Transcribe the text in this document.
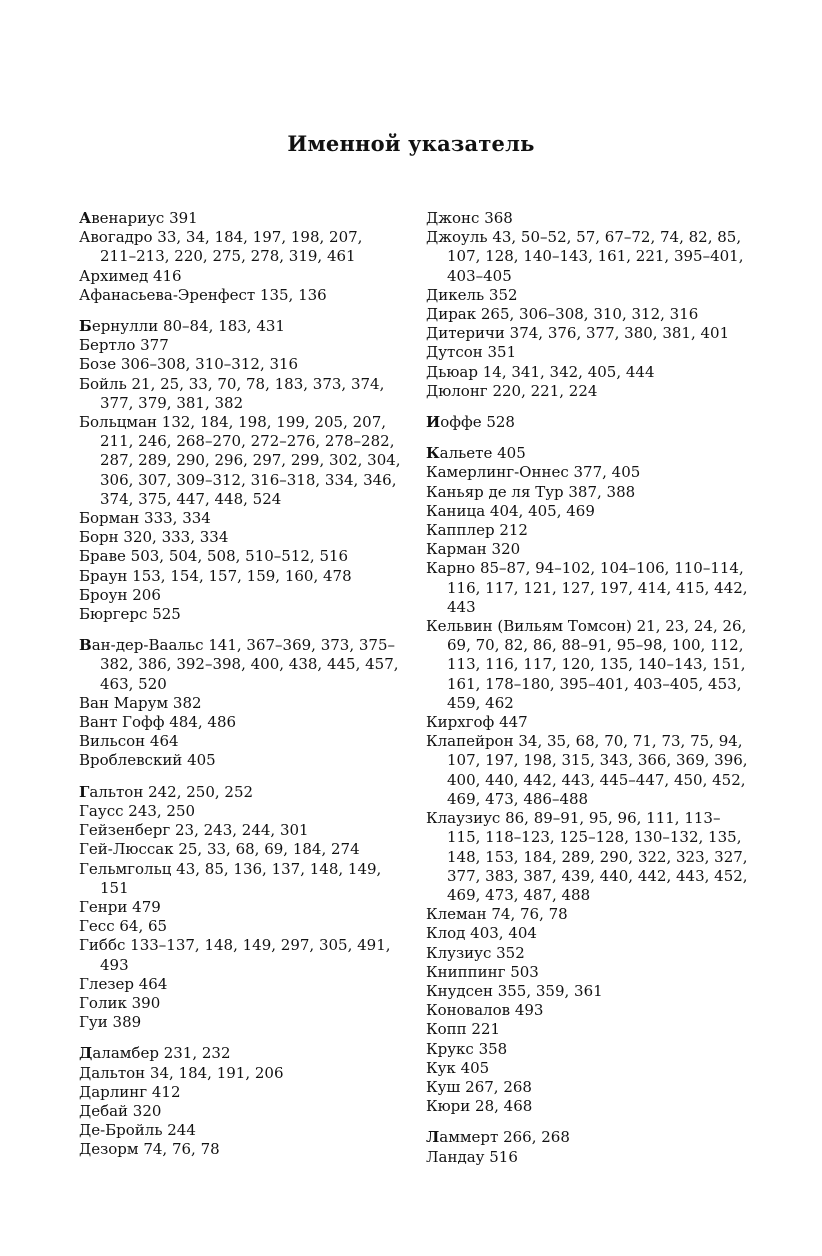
Именной указатель

Авенариус 391

Авогадро 33, 34, 184, 197, 198, 207, 211–213, 220, 275, 278, 319, 461

Архимед 416

Афанасьева-Эренфест 135, 136

Бернулли 80–84, 183, 431

Бертло 377

Бозе 306–308, 310–312, 316

Бойль 21, 25, 33, 70, 78, 183, 373, 374, 377, 379, 381, 382

Больцман 132, 184, 198, 199, 205, 207, 211, 246, 268–270, 272–276, 278–282, 287, 289, 290, 296, 297, 299, 302, 304, 306, 307, 309–312, 316–318, 334, 346, 374, 375, 447, 448, 524

Борман 333, 334

Борн 320, 333, 334

Браве 503, 504, 508, 510–512, 516

Браун 153, 154, 157, 159, 160, 478

Броун 206

Бюргерс 525

Ван-дер-Ваальс 141, 367–369, 373, 375–382, 386, 392–398, 400, 438, 445, 457, 463, 520

Ван Марум 382

Вант Гофф 484, 486

Вильсон 464

Вроблевский 405

Гальтон 242, 250, 252

Гаусс 243, 250

Гейзенберг 23, 243, 244, 301

Гей-Люссак 25, 33, 68, 69, 184, 274

Гельмгольц 43, 85, 136, 137, 148, 149, 151

Генри 479

Гесс 64, 65

Гиббс 133–137, 148, 149, 297, 305, 491, 493

Глезер 464

Голик 390

Гуи 389

Даламбер 231, 232

Дальтон 34, 184, 191, 206

Дарлинг 412

Дебай 320

Де-Бройль 244

Дезорм 74, 76, 78

Джонс 368

Джоуль 43, 50–52, 57, 67–72, 74, 82, 85, 107, 128, 140–143, 161, 221, 395–401, 403–405

Дикель 352

Дирак 265, 306–308, 310, 312, 316

Дитеричи 374, 376, 377, 380, 381, 401

Дутсон 351

Дьюар 14, 341, 342, 405, 444

Дюлонг 220, 221, 224

Иоффе 528

Кальете 405

Камерлинг-Оннес 377, 405

Каньяр де ля Тур 387, 388

Каница 404, 405, 469

Капплер 212

Карман 320

Карно 85–87, 94–102, 104–106, 110–114, 116, 117, 121, 127, 197, 414, 415, 442, 443

Кельвин (Вильям Томсон) 21, 23, 24, 26, 69, 70, 82, 86, 88–91, 95–98, 100, 112, 113, 116, 117, 120, 135, 140–143, 151, 161, 178–180, 395–401, 403–405, 453, 459, 462

Кирхгоф 447

Клапейрон 34, 35, 68, 70, 71, 73, 75, 94, 107, 197, 198, 315, 343, 366, 369, 396, 400, 440, 442, 443, 445–447, 450, 452, 469, 473, 486–488

Клаузиус 86, 89–91, 95, 96, 111, 113–115, 118–123, 125–128, 130–132, 135, 148, 153, 184, 289, 290, 322, 323, 327, 377, 383, 387, 439, 440, 442, 443, 452, 469, 473, 487, 488

Клеман 74, 76, 78

Клод 403, 404

Клузиус 352

Книппинг 503

Кнудсен 355, 359, 361

Коновалов 493

Копп 221

Крукс 358

Кук 405

Куш 267, 268

Кюри 28, 468

Ламмерт 266, 268

Ландау 516
